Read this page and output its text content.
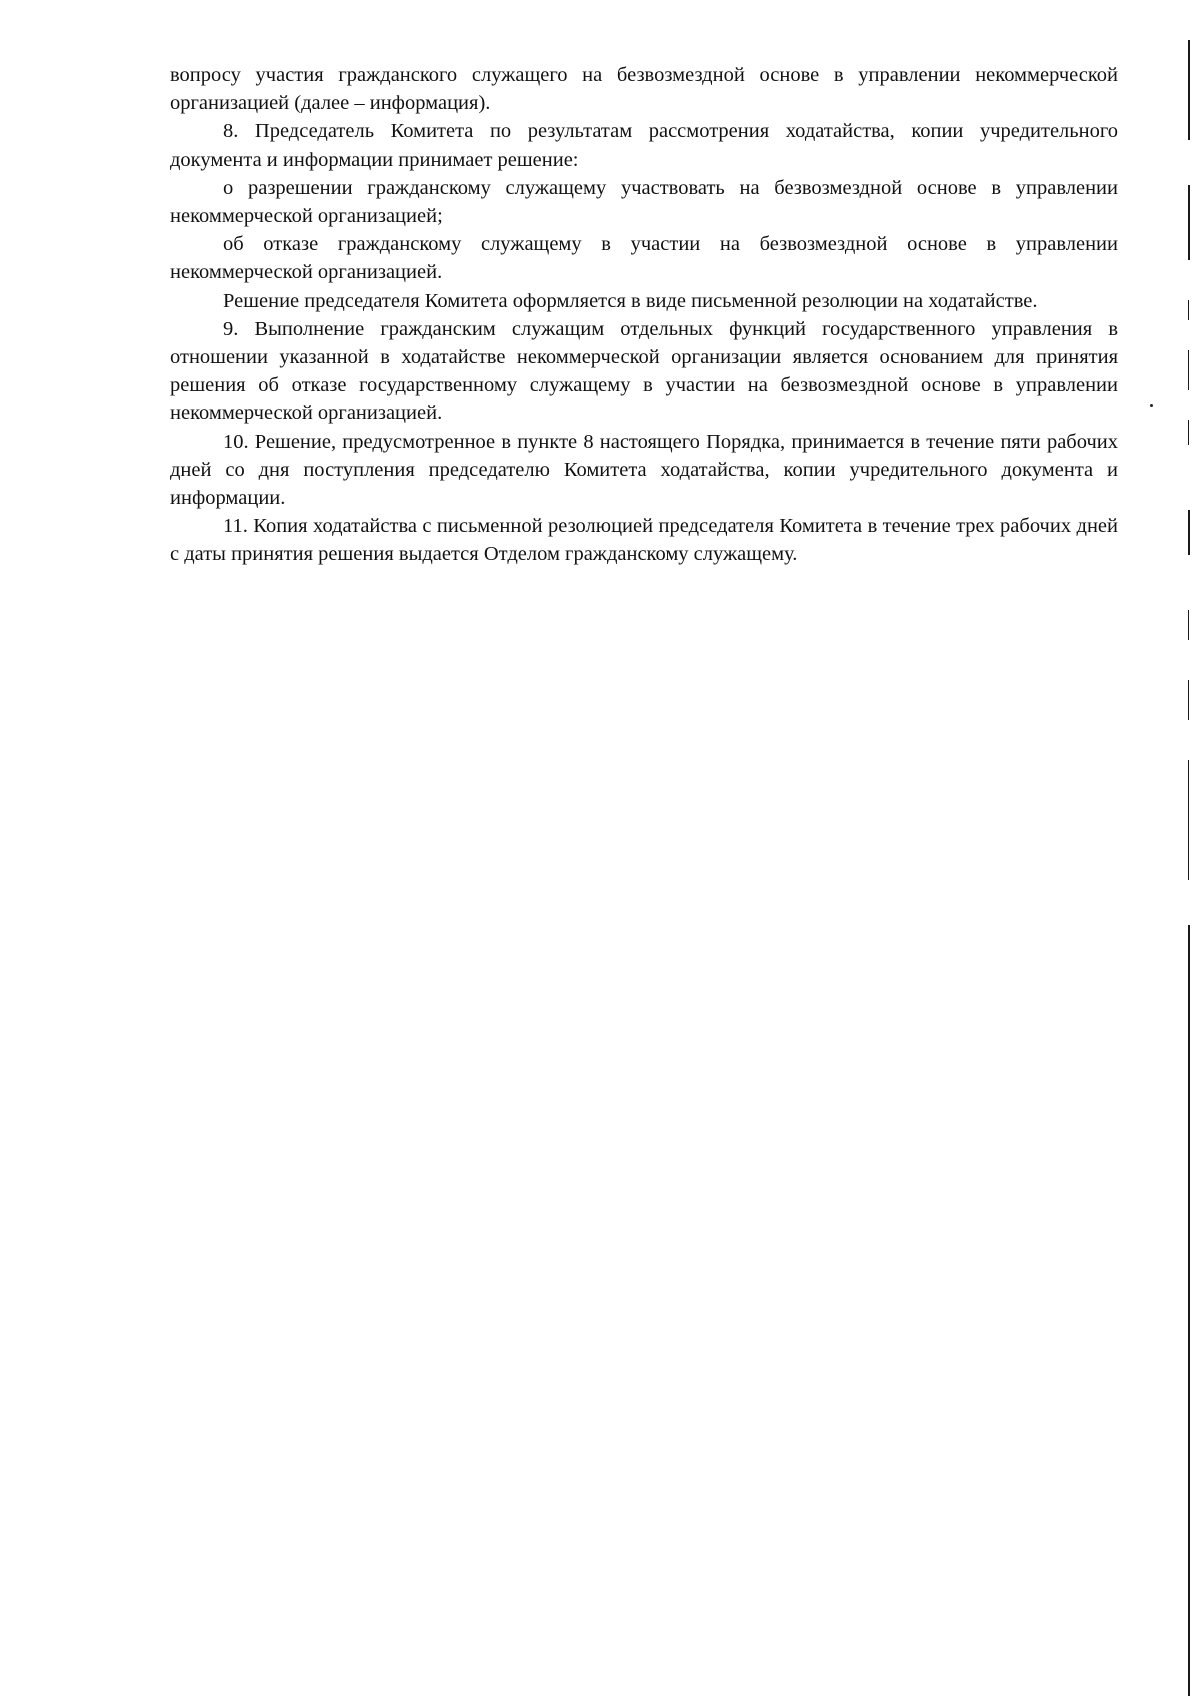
вопросу участия гражданского служащего на безвозмездной основе в управлении некоммерческой организацией (далее – информация).

8. Председатель Комитета по результатам рассмотрения ходатайства, копии учредительного документа и информации принимает решение:

о разрешении гражданскому служащему участвовать на безвозмездной основе в управлении некоммерческой организацией;

об отказе гражданскому служащему в участии на безвозмездной основе в управлении некоммерческой организацией.

Решение председателя Комитета оформляется в виде письменной резолюции на ходатайстве.

9. Выполнение гражданским служащим отдельных функций государственного управления в отношении указанной в ходатайстве некоммерческой организации является основанием для принятия решения об отказе государственному служащему в участии на безвозмездной основе в управлении некоммерческой организацией.

10. Решение, предусмотренное в пункте 8 настоящего Порядка, принимается в течение пяти рабочих дней со дня поступления председателю Комитета ходатайства, копии учредительного документа и информации.

11. Копия ходатайства с письменной резолюцией председателя Комитета в течение трех рабочих дней с даты принятия решения выдается Отделом гражданскому служащему.
